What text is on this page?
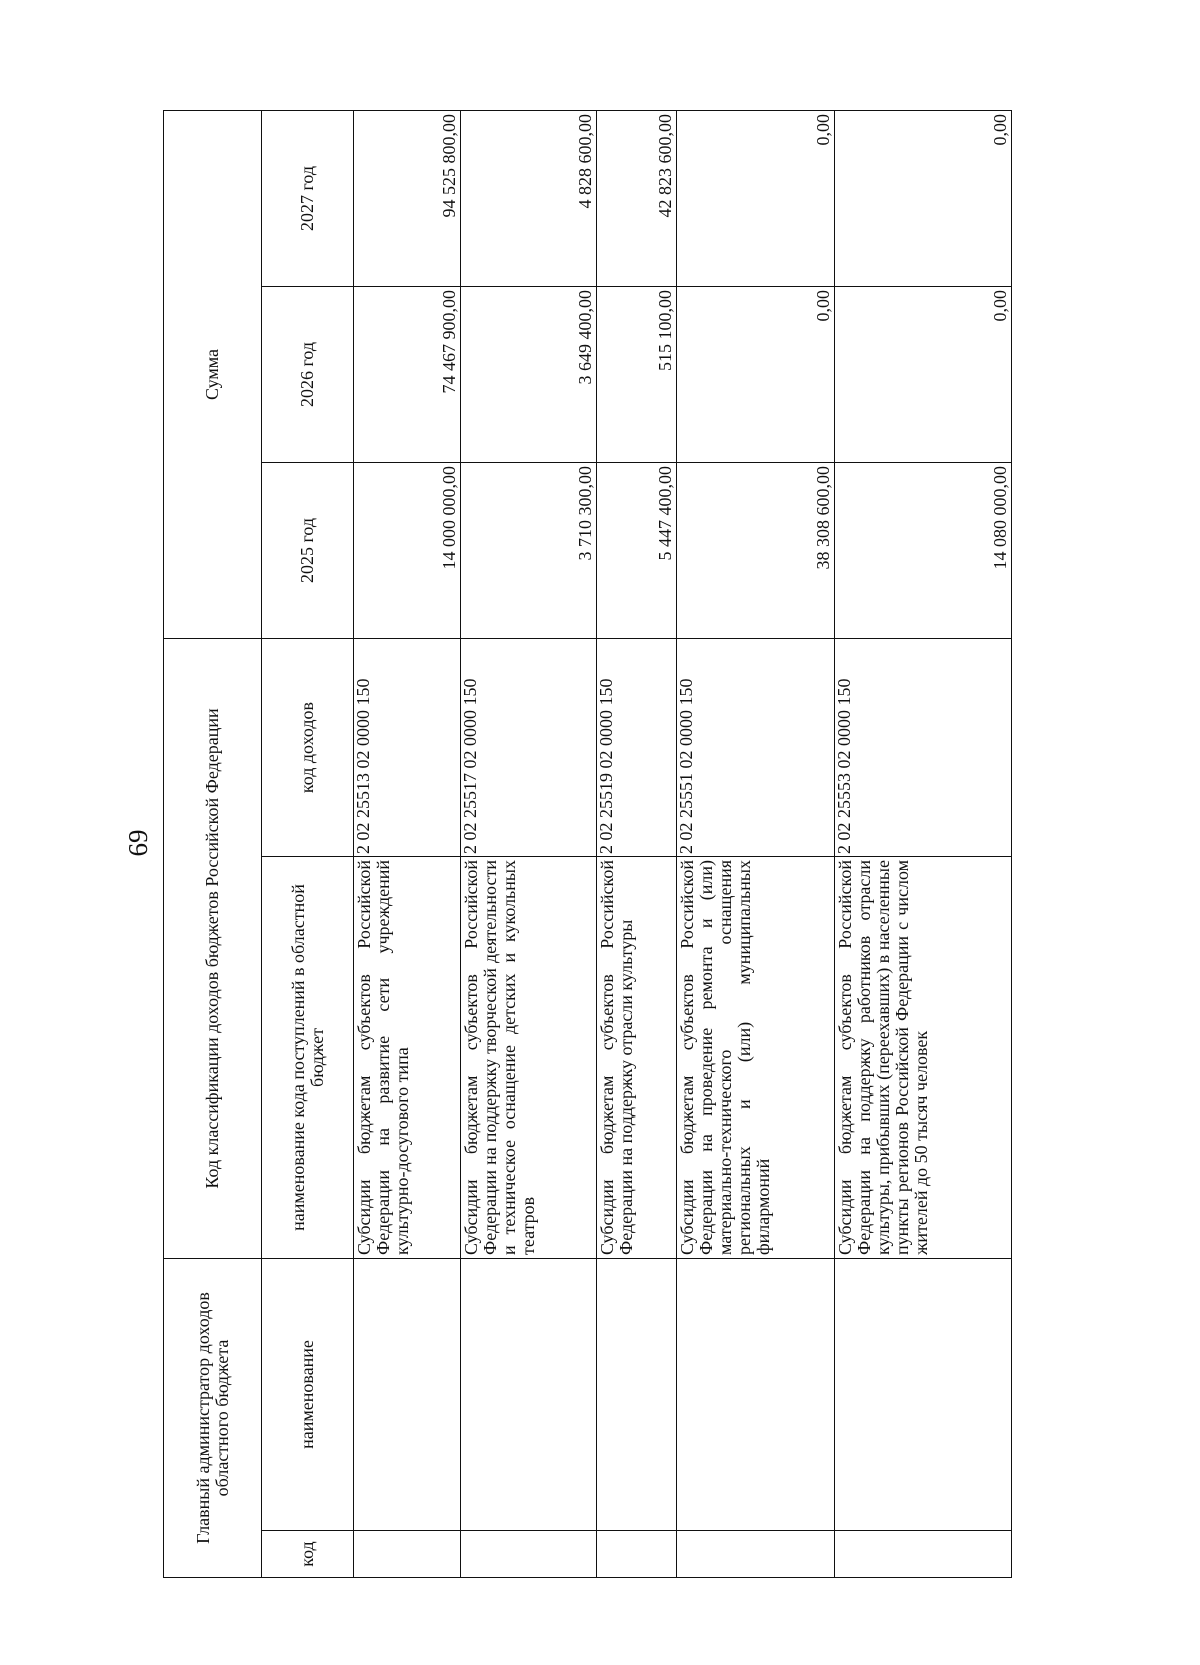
69
Главный администратор доходов областного бюджета		Код классификации доходов бюджетов Российской Федерации		Сумма		
код	наименование	наименование кода поступлений в областной бюджет	код доходов	2025 год	2026 год	2027 год
		Субсидии бюджетам субъектов Российской Федерации на развитие сети учреждений культурно-досугового типа	2 02 25513 02 0000 150	14 000 000,00	74 467 900,00	94 525 800,00
		Субсидии бюджетам субъектов Российской Федерации на поддержку творческой деятельности и техническое оснащение детских и кукольных театров	2 02 25517 02 0000 150	3 710 300,00	3 649 400,00	4 828 600,00
		Субсидии бюджетам субъектов Российской Федерации на поддержку отрасли культуры	2 02 25519 02 0000 150	5 447 400,00	515 100,00	42 823 600,00
		Субсидии бюджетам субъектов Российской Федерации на проведение ремонта и (или) материально-технического оснащения региональных и (или) муниципальных филармоний	2 02 25551 02 0000 150	38 308 600,00	0,00	0,00
		Субсидии бюджетам субъектов Российской Федерации на поддержку работников отрасли культуры, прибывших (переехавших) в населенные пункты регионов Российской Федерации с числом жителей до 50 тысяч человек	2 02 25553 02 0000 150	14 080 000,00	0,00	0,00
